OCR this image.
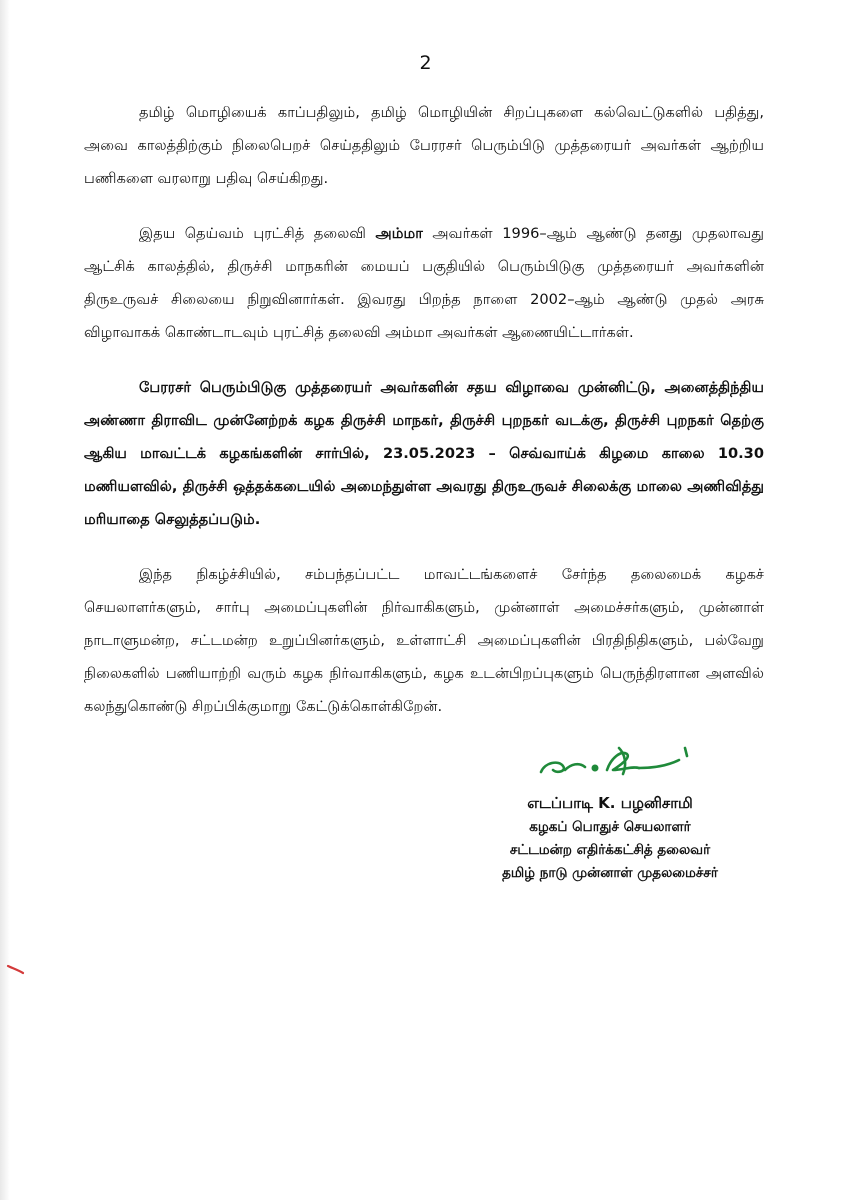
2

தமிழ் மொழியைக் காப்பதிலும், தமிழ் மொழியின் சிறப்புகளை கல்வெட்டுகளில் பதித்து, அவை காலத்திற்கும் நிலைபெறச் செய்ததிலும் பேரரசர் பெரும்பிடு முத்தரையர் அவர்கள் ஆற்றிய பணிகளை வரலாறு பதிவு செய்கிறது.

இதய தெய்வம் புரட்சித் தலைவி அம்மா அவர்கள் 1996–ஆம் ஆண்டு தனது முதலாவது ஆட்சிக் காலத்தில், திருச்சி மாநகரின் மையப் பகுதியில் பெரும்பிடுகு முத்தரையர் அவர்களின் திருஉருவச் சிலையை நிறுவினார்கள். இவரது பிறந்த நாளை 2002–ஆம் ஆண்டு முதல் அரசு விழாவாகக் கொண்டாடவும் புரட்சித் தலைவி அம்மா அவர்கள் ஆணையிட்டார்கள்.

பேரரசர் பெரும்பிடுகு முத்தரையர் அவர்களின் சதய விழாவை முன்னிட்டு, அனைத்திந்திய அண்ணா திராவிட முன்னேற்றக் கழக திருச்சி மாநகர், திருச்சி புறநகர் வடக்கு, திருச்சி புறநகர் தெற்கு ஆகிய மாவட்டக் கழகங்களின் சார்பில், 23.05.2023 – செவ்வாய்க் கிழமை காலை 10.30 மணியளவில், திருச்சி ஒத்தக்கடையில் அமைந்துள்ள அவரது திருஉருவச் சிலைக்கு மாலை அணிவித்து மரியாதை செலுத்தப்படும்.

இந்த நிகழ்ச்சியில், சம்பந்தப்பட்ட மாவட்டங்களைச் சேர்ந்த தலைமைக் கழகச் செயலாளர்களும், சார்பு அமைப்புகளின் நிர்வாகிகளும், முன்னாள் அமைச்சர்களும், முன்னாள் நாடாளுமன்ற, சட்டமன்ற உறுப்பினர்களும், உள்ளாட்சி அமைப்புகளின் பிரதிநிதிகளும், பல்வேறு நிலைகளில் பணியாற்றி வரும் கழக நிர்வாகிகளும், கழக உடன்பிறப்புகளும் பெருந்திரளான அளவில் கலந்துகொண்டு சிறப்பிக்குமாறு கேட்டுக்கொள்கிறேன்.

எடப்பாடி K. பழனிசாமி
கழகப் பொதுச் செயலாளர்
சட்டமன்ற எதிர்க்கட்சித் தலைவர்
தமிழ் நாடு முன்னாள் முதலமைச்சர்
